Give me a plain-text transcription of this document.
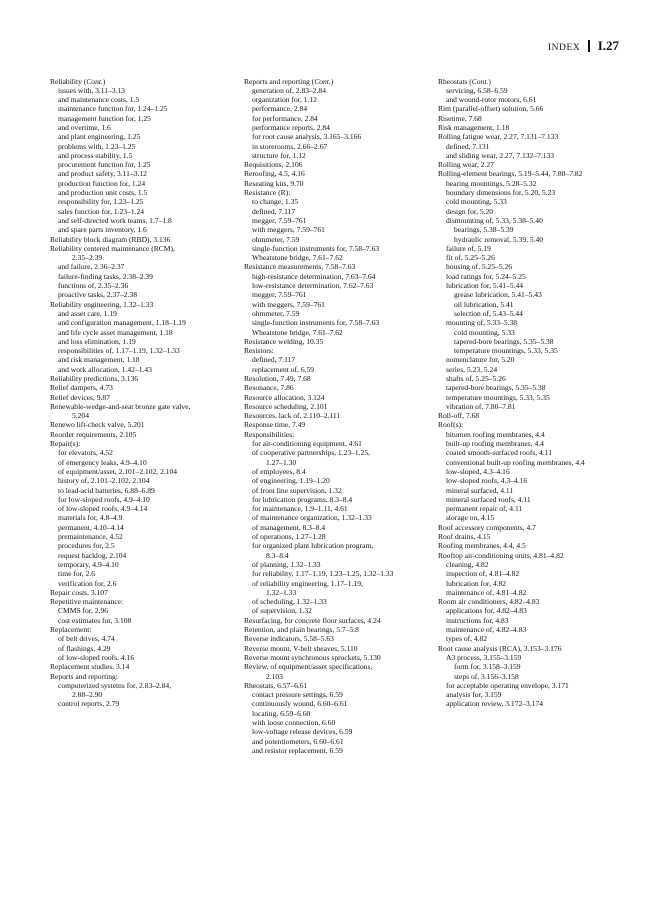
INDEX I.27
Reliability (Cont.)
issues with, 3.11–3.13
and maintenance costs, 1.5
maintenance function for, 1.24–1.25
management function for, 1.25
and overtime, 1.6
and plant engineering, 1.25
problems with, 1.23–1.25
and process stability, 1.5
procurement function for, 1.25
and product safety, 3.11–3.12
production function for, 1.24
and production unit costs, 1.5
responsibility for, 1.23–1.25
sales function for, 1.23–1.24
and self-directed work teams, 1.7–1.8
and spare parts inventory, 1.6
Reliability block diagram (RBD), 3.136
Reliability centered maintenance (RCM),
2.35–2.39
and failure, 2.36–2.37
failure-finding tasks, 2.38–2.39
functions of, 2.35–2.36
proactive tasks, 2.37–2.38
Reliability engineering, 1.32–1.33
and asset care, 1.19
and configuration management, 1.18–1.19
and life cycle asset management, 1.18
and loss elimination, 1.19
responsibilities of, 1.17–1.19, 1.32–1.33
and risk management, 1.18
and work allocation, 1.42–1.43
Reliability predictions, 3.136
Relief dampers, 4.73
Relief devices, 9.87
Renewable-wedge-and-seat bronze gate valve,
5.204
Renewo lift-check valve, 5.201
Reorder requirements, 2.105
Repair(s):
for elevators, 4.52
of emergency leaks, 4.9–4.10
of equipment/asset, 2.101–2.102, 2.104
history of, 2.101–2.102, 2.104
to lead-acid batteries, 6.88–6.89
for low-sloped roofs, 4.9–4.10
of low-sloped roofs, 4.9–4.14
materials for, 4.8–4.9
permanent, 4.10–4.14
premaintenance, 4.52
procedures for, 2.5
request backlog, 2.104
temporary, 4.9–4.10
time for, 2.6
verification for, 2.6
Repair costs, 3.107
Repetitive maintenance:
CMMS for, 2.96
cost estimates for, 3.108
Replacement:
of belt drives, 4.74
of flashings, 4.29
of low-sloped roofs, 4.16
Replacement studies, 3.14
Reports and reporting:
computerized systems for, 2.83–2.84,
2.88–2.90
control reports, 2.79
Reports and reporting (Cont.)
generation of, 2.83–2.84
organization for, 1.12
performance, 2.84
for performance, 2.84
performance reports, 2.84
for root cause analysis, 3.165–3.166
in storerooms, 2.66–2.67
structure for, 1.12
Requisitions, 2.106
Reroofing, 4.5, 4.16
Reseating kits, 9.70
Resistance (R):
to change, 1.35
defined, 7.117
megger, 7.59–761
with meggers, 7.59–761
ohmmeter, 7.59
single-function instruments for, 7.58–7.63
Wheatstone bridge, 7.61–7.62
Resistance measurements, 7.58–7.63
high-resistance determination, 7.63–7.64
low-resistance determination, 7.62–7.63
megger, 7.59–761
with meggers, 7.59–761
ohmmeter, 7.59
single-function instruments for, 7.58–7.63
Wheatstone bridge, 7.61–7.62
Resistance welding, 10.35
Resistors:
defined, 7.117
replacement of, 6.59
Resolution, 7.49, 7.68
Resonance, 7.86
Resource allocation, 3.124
Resource scheduling, 2.101
Resources, lack of, 2.110–2.111
Response time, 7.49
Responsibilities:
for air-conditioning equipment, 4.61
of cooperative partnerships, 1.23–1.25,
1.27–1.30
of employees, 8.4
of engineering, 1.19–1.20
of front line supervision, 1.32
for lubrication programs, 8.3–8.4
for maintenance, 1.9–1.11, 4.61
of maintenance organization, 1.32–1.33
of management, 8.3–8.4
of operations, 1.27–1.28
for organized plant lubrication program,
8.3–8.4
of planning, 1.32–1.33
for reliability, 1.17–1.19, 1.23–1.25, 1.32–1.33
of reliability engineering, 1.17–1.19,
1.32–1.33
of scheduling, 1.32–1.33
of supervision, 1.32
Resurfacing, for concrete floor surfaces, 4.24
Retention, and plain bearings, 5.7–5.8
Reverse indicators, 5.58–5.63
Reverse mount, V-belt sheaves, 5.110
Reverse mount synchronous sprockets, 5.130
Review, of equipment/asset specifications,
2.103
Rheostats, 6.57–6.61
contact pressure settings, 6.59
continuously wound, 6.60–6.61
locating, 6.59–6.60
with loose connection, 6.60
low-voltage release devices, 6.59
and potentiometers, 6.60–6.61
and resistor replacement, 6.59
Rheostats (Cont.)
servicing, 6.58–6.59
and wound-rotor motors, 6.61
Rim (parallel-offset) solution, 5.66
Risetime, 7.68
Risk management, 1.18
Rolling fatigue wear, 2.27, 7.131–7.133
defined, 7.131
and sliding wear, 2.27, 7.132–7.133
Rolling wear, 2.27
Rolling-element bearings, 5.19–5.44, 7.80–7.82
bearing mountings, 5.28–5.32
boundary dimensions for, 5.20, 5.23
cold mounting, 5.33
design for, 5.20
dismounting of, 5.33, 5.38–5.40
bearings, 5.38–5.39
hydraulic removal, 5.39, 5.40
failure of, 5.19
fit of, 5.25–5.26
housing of, 5.25–5.26
load ratings for, 5.24–5.25
lubrication for, 5.41–5.44
grease lubrication, 5.41–5.43
oil lubrication, 5.41
selection of, 5.43–5.44
mounting of, 5.33–5.38
cold mounting, 5.33
tapered-bore bearings, 5.35–5.38
temperature mountings, 5.33, 5.35
nomenclature for, 5.20
series, 5.23, 5.24
shafts of, 5.25–5.26
tapered-bore bearings, 5.35–5.38
temperature mountings, 5.33, 5.35
vibration of, 7.80–7.81
Roll-off, 7.68
Roof(s):
bitumen roofing membranes, 4.4
built-up roofing membranes, 4.4
coated smooth-surfaced roofs, 4.11
conventional built-up roofing membranes, 4.4
low-sloped, 4.3–4.16
low-sloped roofs, 4.3–4.16
mineral surfaced, 4.11
mineral surfaced roofs, 4.11
permanent repair of, 4.11
storage on, 4.15
Roof accessory components, 4.7
Roof drains, 4.15
Roofing membranes, 4.4, 4.5
Rooftop air-conditioning units, 4.81–4.82
cleaning, 4.82
inspection of, 4.81–4.82
lubrication for, 4.82
maintenance of, 4.81–4.82
Room air conditioners, 4.82–4.83
applications for, 4.82–4.83
instructions for, 4.83
maintenance of, 4.82–4.83
types of, 4.82
Root cause analysis (RCA), 3.153–3.176
A3 process, 3.155–3.159
form for, 3.158–3.159
steps of, 3.156–3.158
for acceptable operating envelope, 3.171
analysis for, 3.159
application review, 3.172–3.174
